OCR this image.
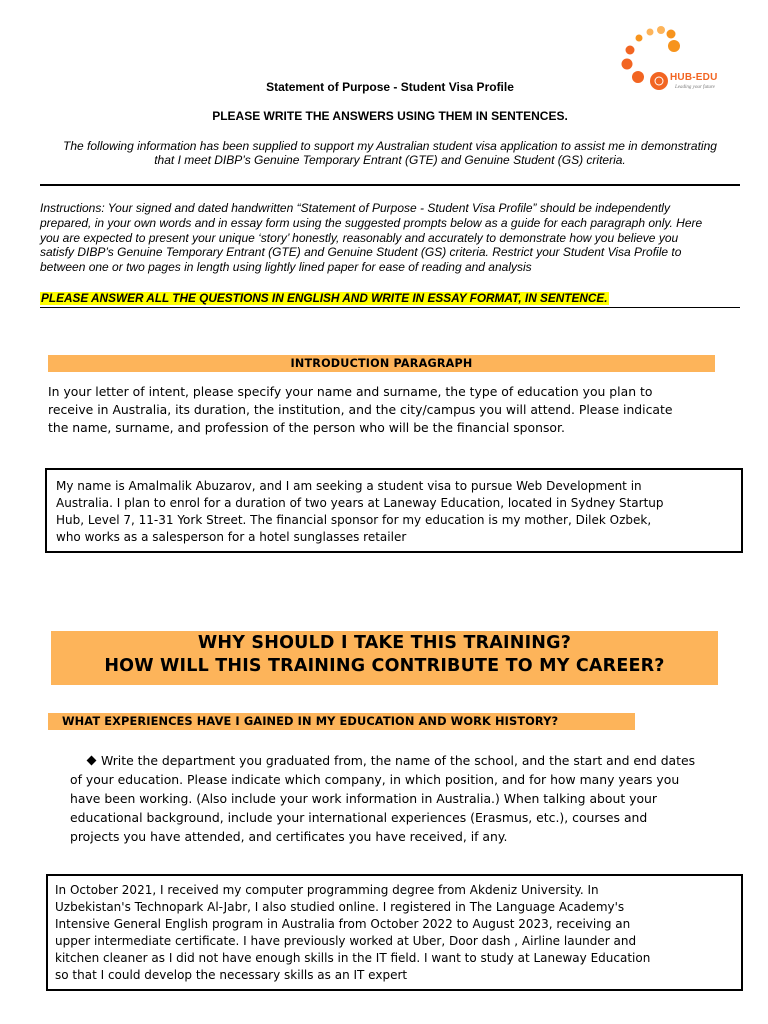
HUB-EDU
Leading your future
Statement of Purpose - Student Visa Profile
PLEASE WRITE THE ANSWERS USING THEM IN SENTENCES.
The following information has been supplied to support my Australian student visa application to assist me in demonstrating
that I meet DIBP’s Genuine Temporary Entrant (GTE) and Genuine Student (GS) criteria.
Instructions: Your signed and dated handwritten “Statement of Purpose - Student Visa Profile” should be independently
prepared, in your own words and in essay form using the suggested prompts below as a guide for each paragraph only. Here
you are expected to present your unique ‘story’ honestly, reasonably and accurately to demonstrate how you believe you
satisfy DIBP’s Genuine Temporary Entrant (GTE) and Genuine Student (GS) criteria. Restrict your Student Visa Profile to
between one or two pages in length using lightly lined paper for ease of reading and analysis
PLEASE ANSWER ALL THE QUESTIONS IN ENGLISH AND WRITE IN ESSAY FORMAT, IN SENTENCE.
INTRODUCTION PARAGRAPH
In your letter of intent, please specify your name and surname, the type of education you plan to
receive in Australia, its duration, the institution, and the city/campus you will attend. Please indicate
the name, surname, and profession of the person who will be the financial sponsor.
My name is Amalmalik Abuzarov, and I am seeking a student visa to pursue Web Development in
Australia. I plan to enrol for a duration of two years at Laneway Education, located in Sydney Startup
Hub, Level 7, 11-31 York Street. The financial sponsor for my education is my mother, Dilek Ozbek,
who works as a salesperson for a hotel sunglasses retailer
WHY SHOULD I TAKE THIS TRAINING?
HOW WILL THIS TRAINING CONTRIBUTE TO MY CAREER?
WHAT EXPERIENCES HAVE I GAINED IN MY EDUCATION AND WORK HISTORY?
Write the department you graduated from, the name of the school, and the start and end dates
of your education. Please indicate which company, in which position, and for how many years you
have been working. (Also include your work information in Australia.) When talking about your
educational background, include your international experiences (Erasmus, etc.), courses and
projects you have attended, and certificates you have received, if any.
In October 2021, I received my computer programming degree from Akdeniz University. In
Uzbekistan's Technopark Al-Jabr, I also studied online. I registered in The Language Academy's
Intensive General English program in Australia from October 2022 to August 2023, receiving an
upper intermediate certificate. I have previously worked at Uber, Door dash , Airline launder and
kitchen cleaner as I did not have enough skills in the IT field. I want to study at Laneway Education
so that I could develop the necessary skills as an IT expert
